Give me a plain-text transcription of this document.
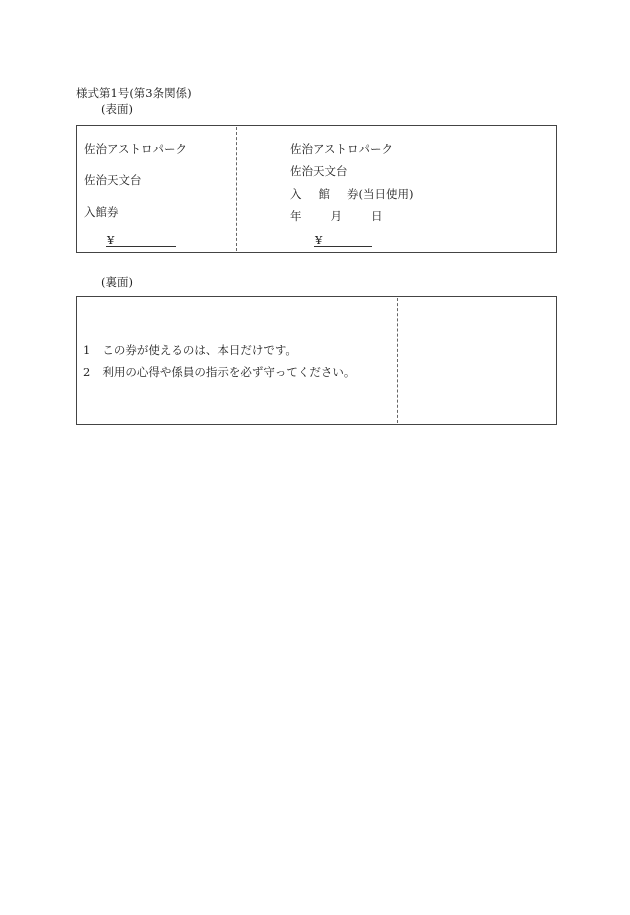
様式第1号(第3条関係)
(表面)
佐治アストロパーク
佐治天文台
入館券
¥
佐治アストロパーク
佐治天文台
入 館 券(当日使用)
年	月	日
¥
(裏面)
1 この券が使えるのは、本日だけです。
2 利用の心得や係員の指示を必ず守ってください。
